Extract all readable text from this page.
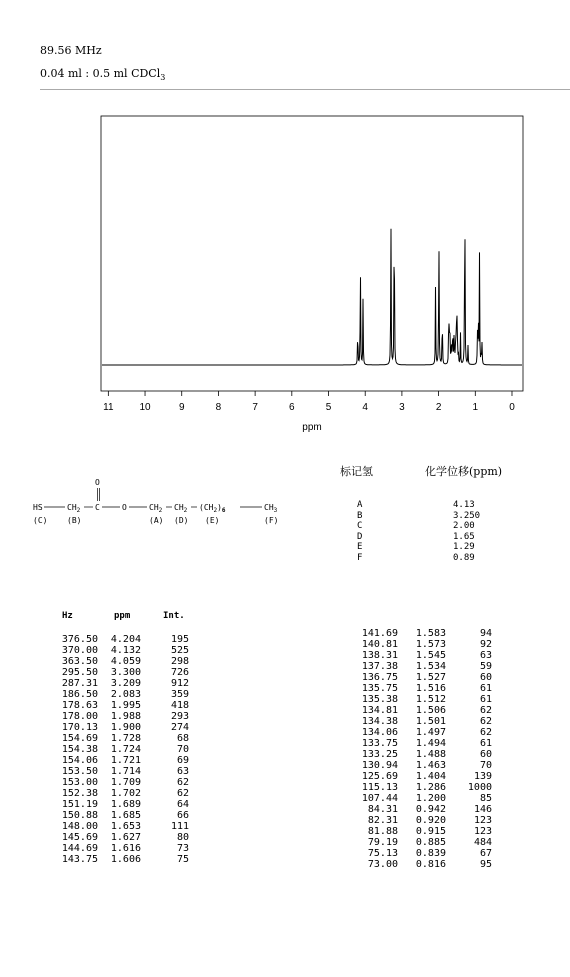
89.56 MHz
0.04 ml : 0.5 ml CDCl$_3$
11	10	9	8	7	6	5	4	3	2	1	0
ppm
HS	$CH_2$ C
O
O	$CH_2$ $CH_2$ $(CH_2)_6$	$CH_3$
(C) (B)	(A) (D) (E)	(F)
标记氢	化学位移(ppm)
A	4.13
B	3.250
C	2.00
D	1.65
E	1.29
F	0.89
Hz	ppm	Int.
376.50 4.204	195
370.00 4.132	525
363.50 4.059	298
295.50 3.300	726
287.31 3.209	912
186.50 2.083	359
178.63 1.995	418
178.00 1.988	293
170.13 1.900	274
154.69 1.728	68
154.38 1.724	70
154.06 1.721	69
153.50 1.714	63
153.00 1.709	62
152.38 1.702	62
151.19 1.689	64
150.88 1.685	66
148.00 1.653	111
145.69 1.627	80
144.69 1.616	73
143.75 1.606	75
141.69 1.583	94
140.81 1.573	92
138.31 1.545	63
137.38 1.534	59
136.75 1.527	60
135.75 1.516	61
135.38 1.512	61
134.81 1.506	62
134.38 1.501	62
134.06 1.497	62
133.75 1.494	61
133.25 1.488	60
130.94 1.463	70
125.69 1.404	139
115.13 1.286 1000
107.44 1.200	85
84.31 0.942	146
82.31 0.920	123
81.88 0.915	123
79.19 0.885	484
75.13 0.839	67
73.00 0.816	95
